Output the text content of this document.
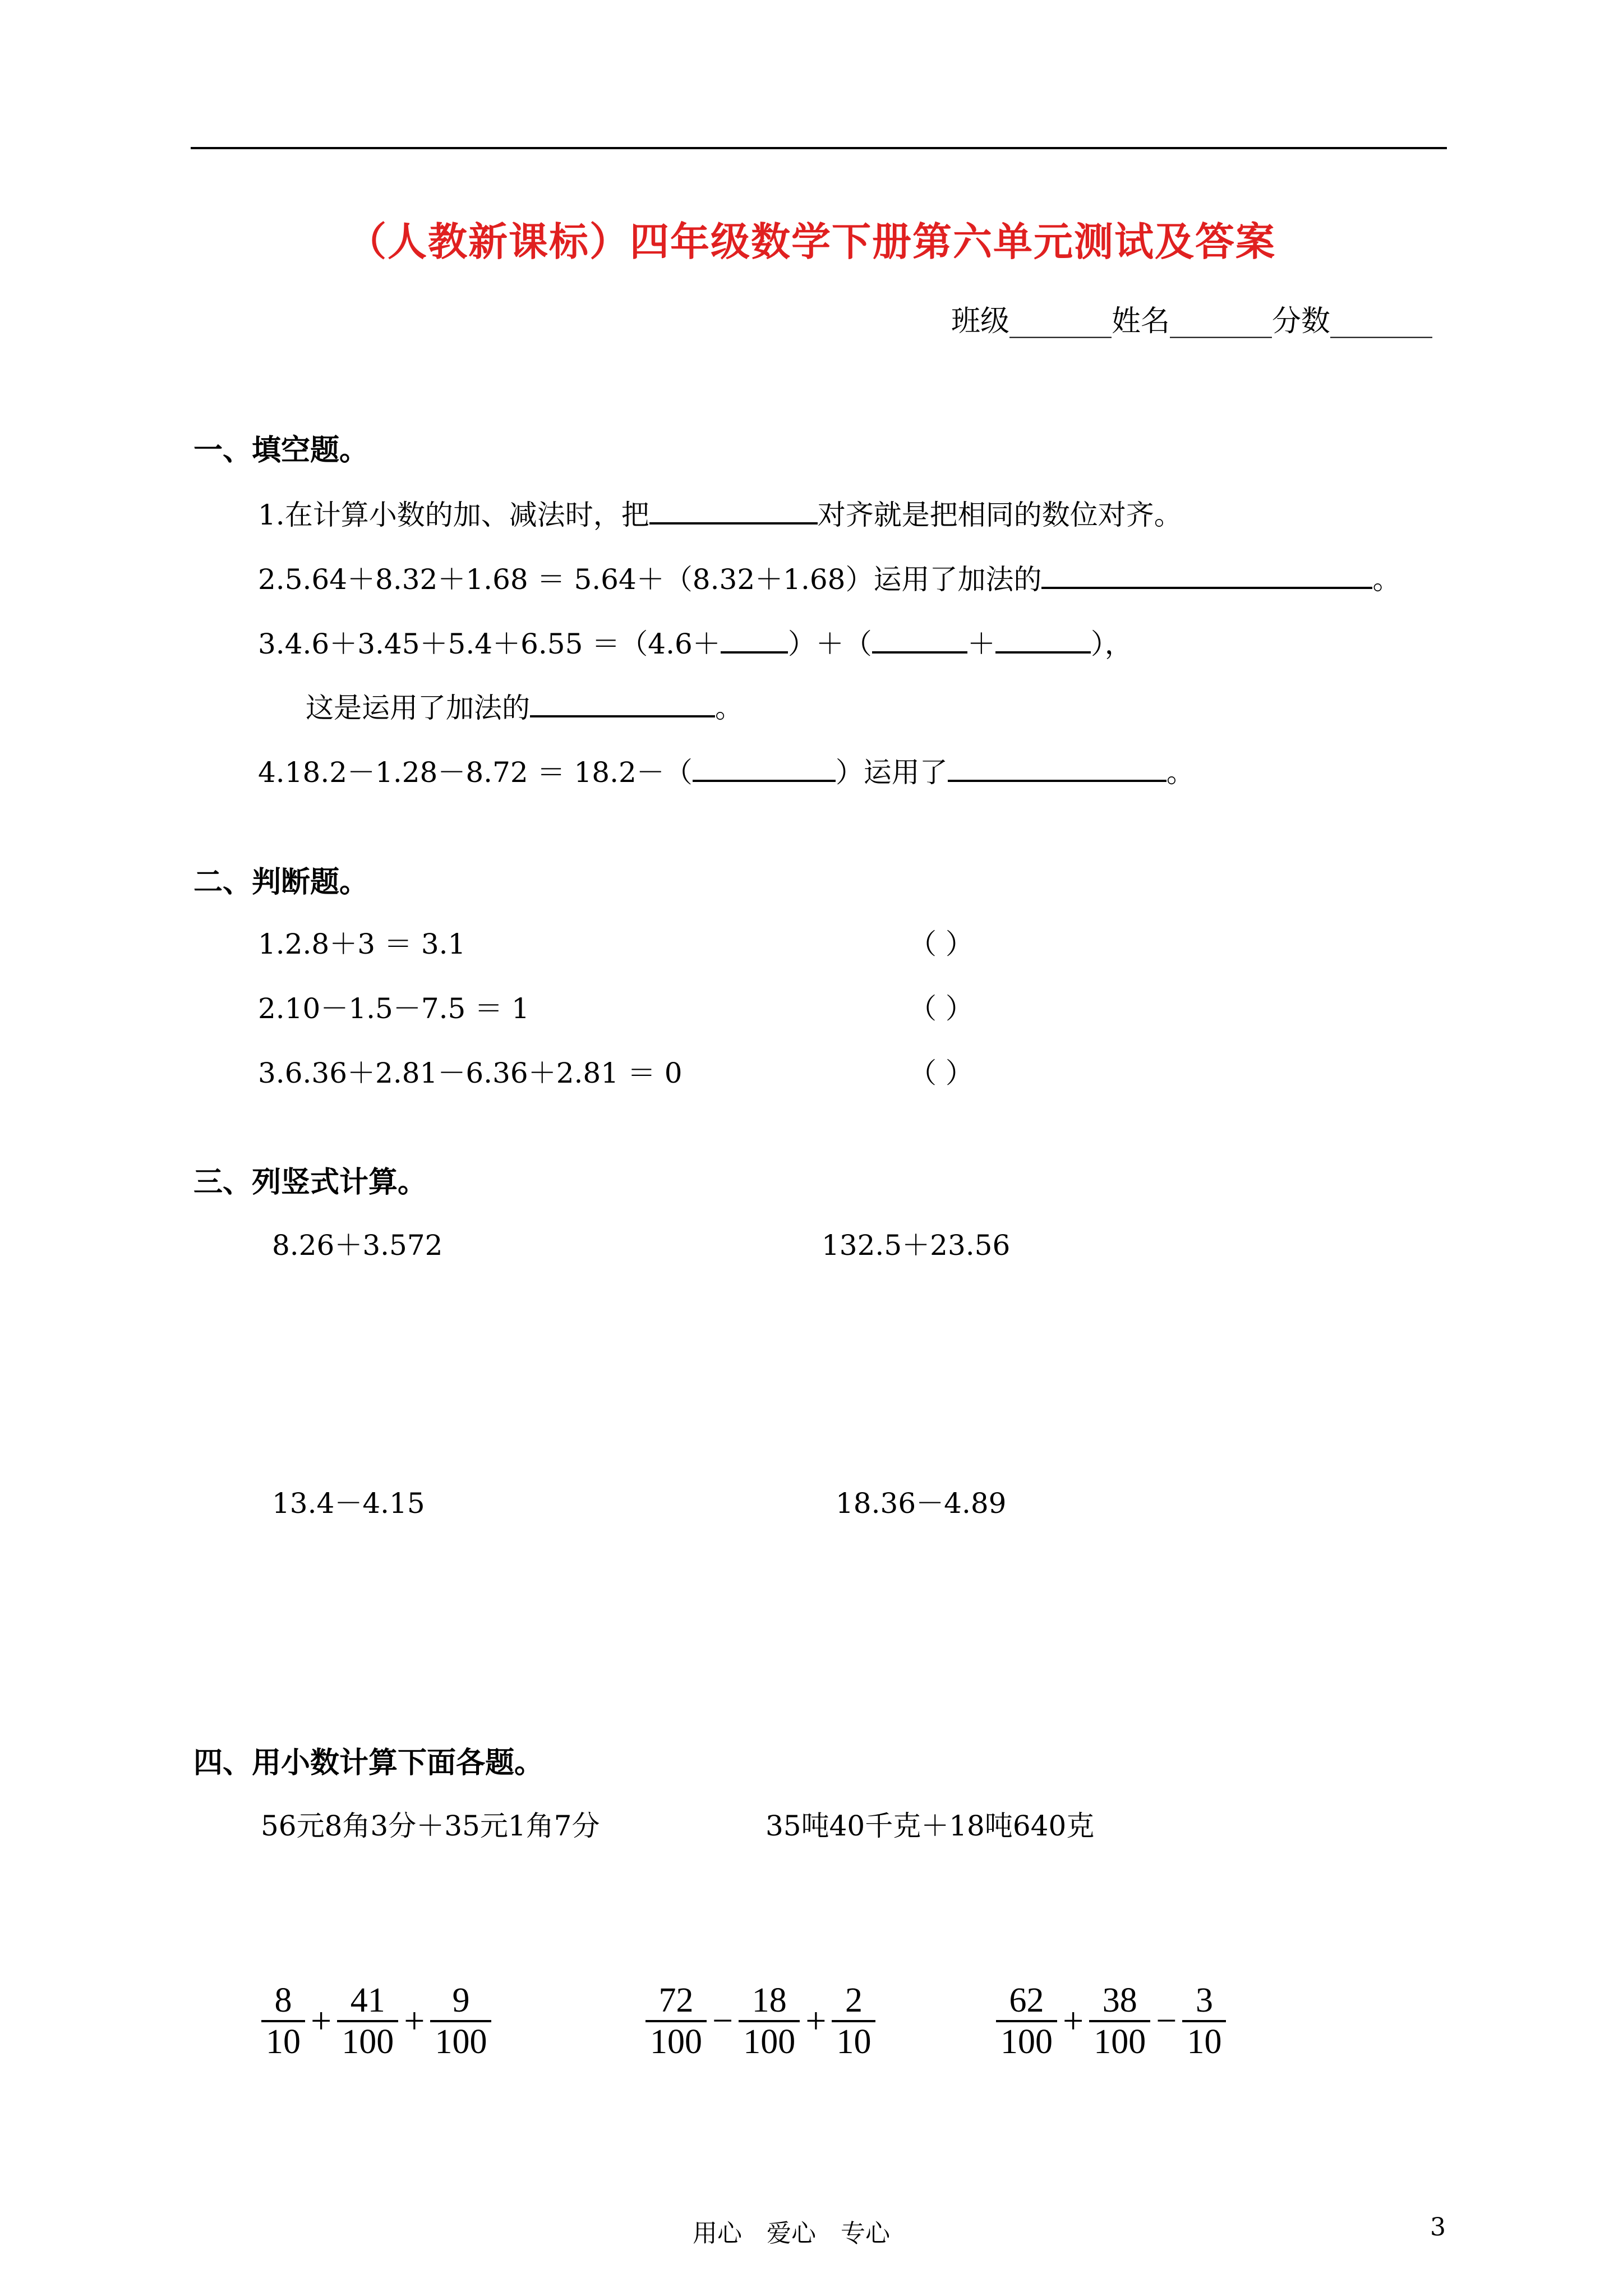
（人教新课标）四年级数学下册第六单元测试及答案
班级_______姓名_______分数_______
一、填空题。
1.在计算小数的加、减法时，把	对齐就是把相同的数位对齐。
2.5.64＋8.32＋1.68 ＝ 5.64＋（8.32＋1.68）运用了加法的	。
3.4.6＋3.45＋5.4＋6.55 ＝（4.6＋ ）＋（	＋	），
这是运用了加法的	。
4.18.2－1.28－8.72 ＝ 18.2－（	）运用了	。
二、判断题。
1.2.8＋3 ＝ 3.1	（ ）
2.10－1.5－7.5 ＝ 1	（ ）
3.6.36＋2.81－6.36＋2.81 ＝ 0	（ ）
三、列竖式计算。
8.26＋3.572	132.5＋23.56
13.4－4.15	18.36－4.89
四、用小数计算下面各题。
56元8角3分＋35元1角7分	35吨40千克＋18吨640克
$\frac{8}{10} + \frac{41}{100} + \frac{9}{100}$	$\frac{72}{100} - \frac{18}{100} + \frac{2}{10}$	$\frac{62}{100} + \frac{38}{100} - \frac{3}{10}$
用心　爱心　专心	3
